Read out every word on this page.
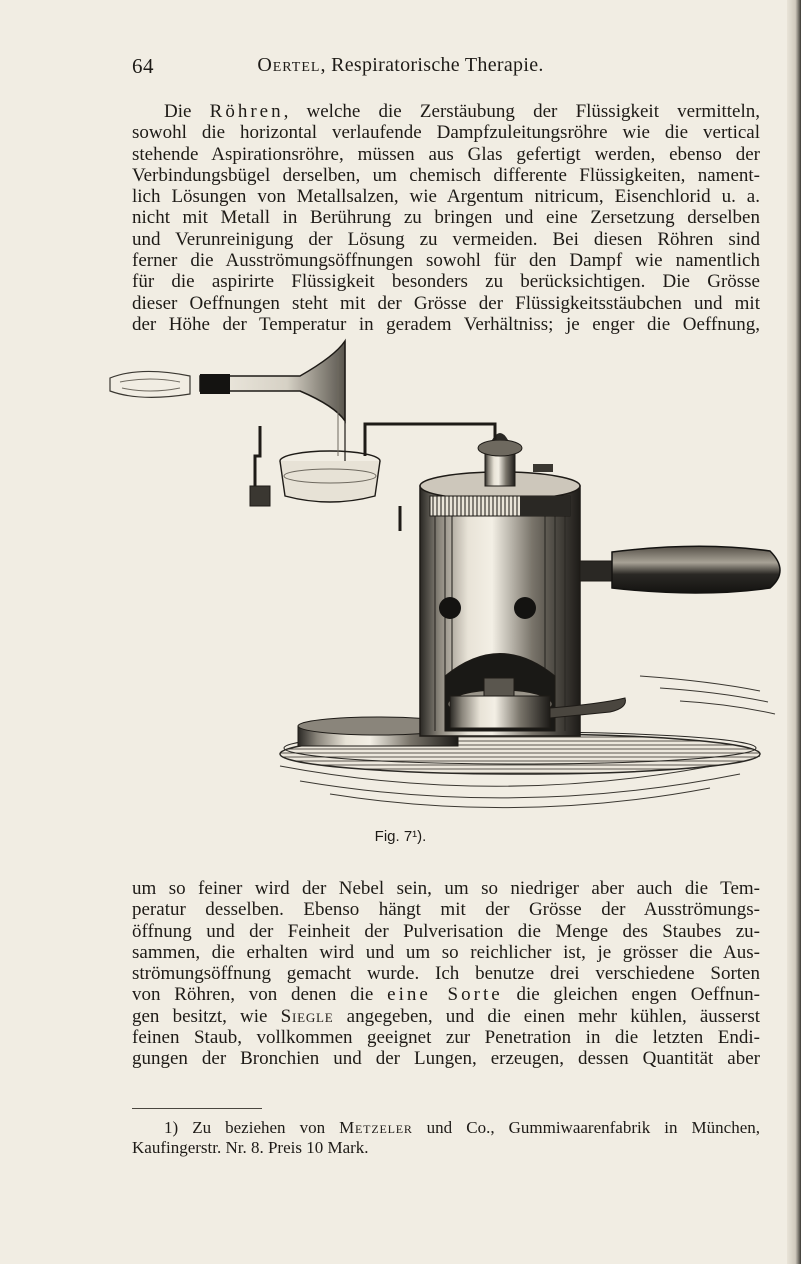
64	Oertel, Respiratorische Therapie.
Die Röhren, welche die Zerstäubung der Flüssigkeit vermitteln,
sowohl die horizontal verlaufende Dampfzuleitungsröhre wie die vertical
stehende Aspirationsröhre, müssen aus Glas gefertigt werden, ebenso der
Verbindungsbügel derselben, um chemisch differente Flüssigkeiten, nament-
lich Lösungen von Metallsalzen, wie Argentum nitricum, Eisenchlorid u. a.
nicht mit Metall in Berührung zu bringen und eine Zersetzung derselben
und Verunreinigung der Lösung zu vermeiden. Bei diesen Röhren sind
ferner die Ausströmungsöffnungen sowohl für den Dampf wie namentlich
für die aspirirte Flüssigkeit besonders zu berücksichtigen. Die Grösse
dieser Oeffnungen steht mit der Grösse der Flüssigkeitsstäubchen und mit
der Höhe der Temperatur in geradem Verhältniss; je enger die Oeffnung,
Fig. 7¹).
um so feiner wird der Nebel sein, um so niedriger aber auch die Tem-
peratur desselben. Ebenso hängt mit der Grösse der Ausströmungs-
öffnung und der Feinheit der Pulverisation die Menge des Staubes zu-
sammen, die erhalten wird und um so reichlicher ist, je grösser die Aus-
strömungsöffnung gemacht wurde. Ich benutze drei verschiedene Sorten
von Röhren, von denen die eine Sorte die gleichen engen Oeffnun-
gen besitzt, wie Siegle angegeben, und die einen mehr kühlen, äusserst
feinen Staub, vollkommen geeignet zur Penetration in die letzten Endi-
gungen der Bronchien und der Lungen, erzeugen, dessen Quantität aber
1) Zu beziehen von Metzeler und Co., Gummiwaarenfabrik in München,
Kaufingerstr. Nr. 8. Preis 10 Mark.
